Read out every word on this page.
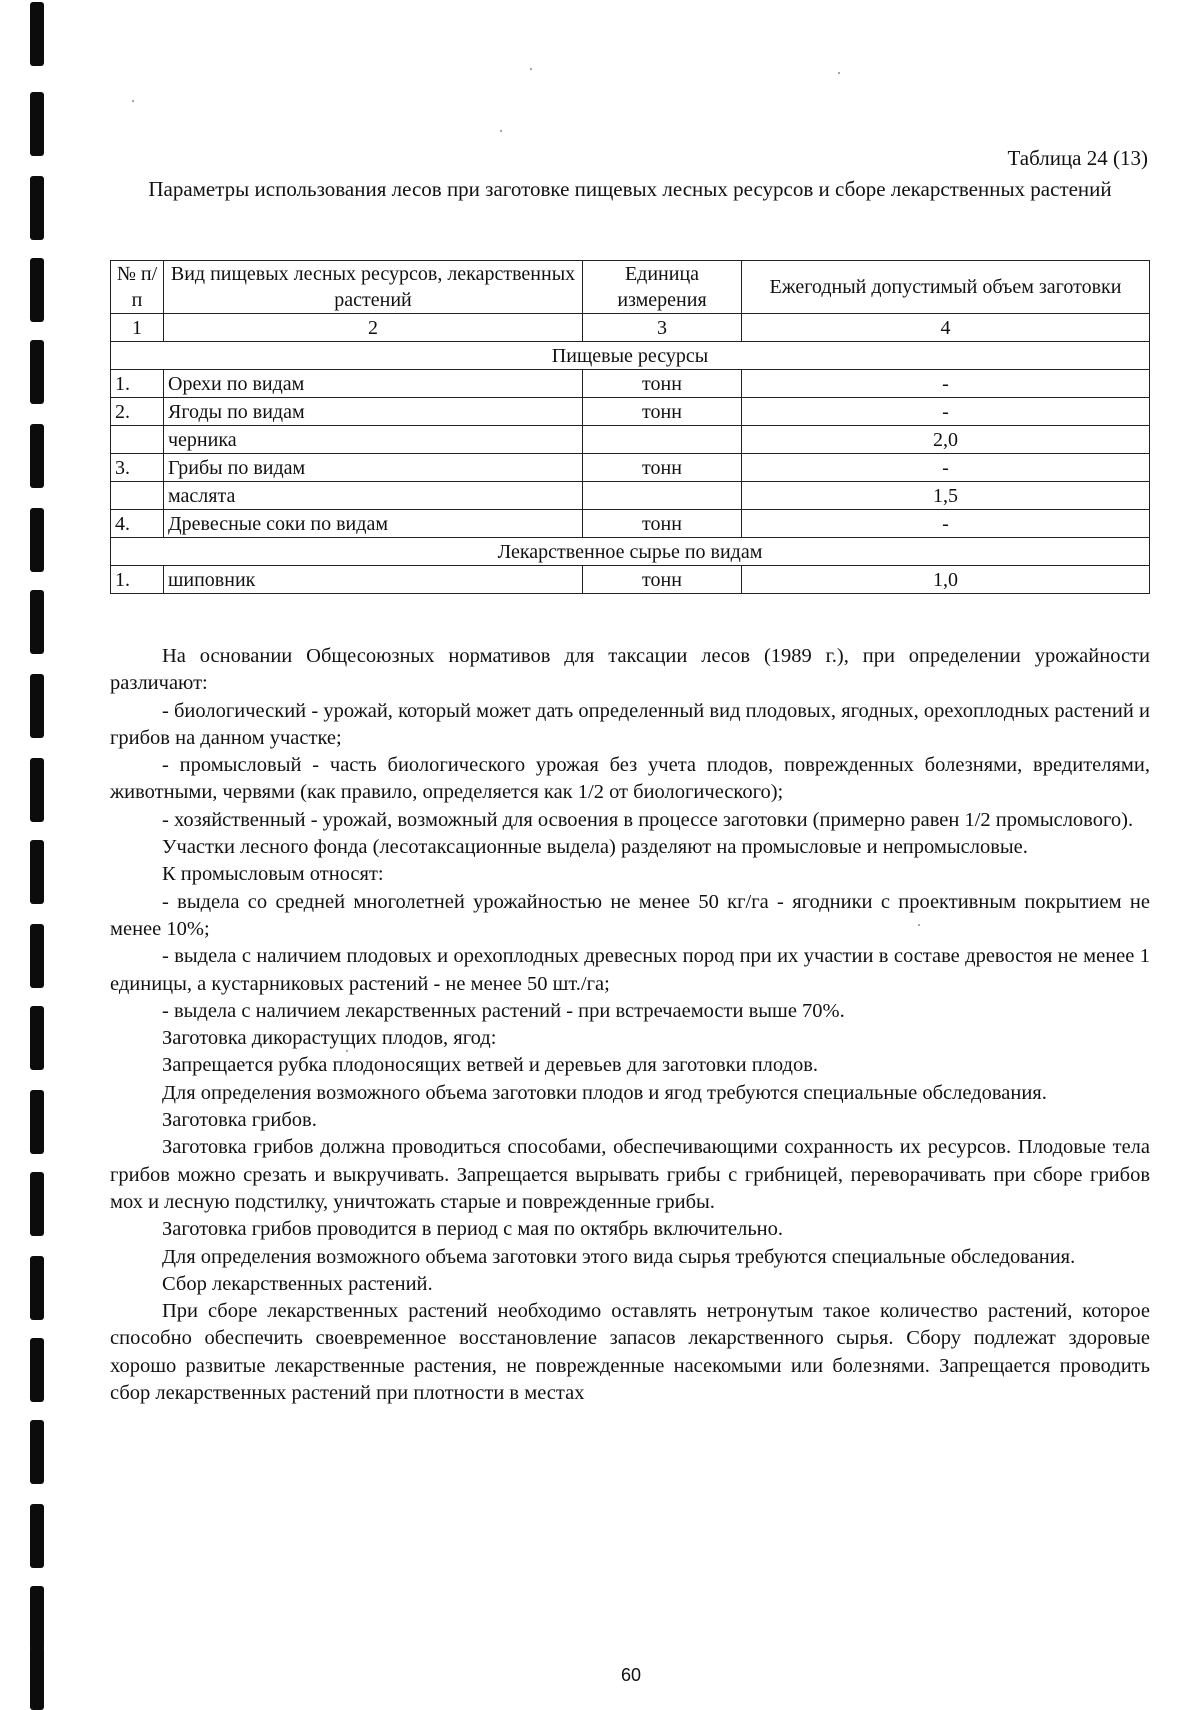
Таблица 24 (13)
Параметры использования лесов при заготовке пищевых лесных ресурсов и сборе лекарственных растений
№ п/п	Вид пищевых лесных ресурсов, лекарственных растений	Единица измерения	Ежегодный допустимый объем заготовки
1	2	3	4
Пищевые ресурсы			
1.	Орехи по видам	тонн	-
2.	Ягоды по видам	тонн	-
	черника		2,0
3.	Грибы по видам	тонн	-
	маслята		1,5
4.	Древесные соки по видам	тонн	-
Лекарственное сырье по видам			
1.	шиповник	тонн	1,0

На основании Общесоюзных нормативов для таксации лесов (1989 г.), при определении урожайности различают:

- биологический - урожай, который может дать определенный вид плодовых, ягодных, орехоплодных растений и грибов на данном участке;

- промысловый - часть биологического урожая без учета плодов, поврежденных болезнями, вредителями, животными, червями (как правило, определяется как 1/2 от биологического);

- хозяйственный - урожай, возможный для освоения в процессе заготовки (примерно равен 1/2 промыслового).

Участки лесного фонда (лесотаксационные выдела) разделяют на промысловые и непромысловые.

К промысловым относят:

- выдела со средней многолетней урожайностью не менее 50 кг/га - ягодники с проективным покрытием не менее 10%;

- выдела с наличием плодовых и орехоплодных древесных пород при их участии в составе древостоя не менее 1 единицы, а кустарниковых растений - не менее 50 шт./га;

- выдела с наличием лекарственных растений - при встречаемости выше 70%.

Заготовка дикорастущих плодов, ягод:

Запрещается рубка плодоносящих ветвей и деревьев для заготовки плодов.

Для определения возможного объема заготовки плодов и ягод требуются специальные обследования.

Заготовка грибов.

Заготовка грибов должна проводиться способами, обеспечивающими сохранность их ресурсов. Плодовые тела грибов можно срезать и выкручивать. Запрещается вырывать грибы с грибницей, переворачивать при сборе грибов мох и лесную подстилку, уничтожать старые и поврежденные грибы.

Заготовка грибов проводится в период с мая по октябрь включительно.

Для определения возможного объема заготовки этого вида сырья требуются специальные обследования.

Сбор лекарственных растений.

При сборе лекарственных растений необходимо оставлять нетронутым такое количество растений, которое способно обеспечить своевременное восстановление запасов лекарственного сырья. Сбору подлежат здоровые хорошо развитые лекарственные растения, не поврежденные насекомыми или болезнями. Запрещается проводить сбор лекарственных растений при плотности в местах

60
